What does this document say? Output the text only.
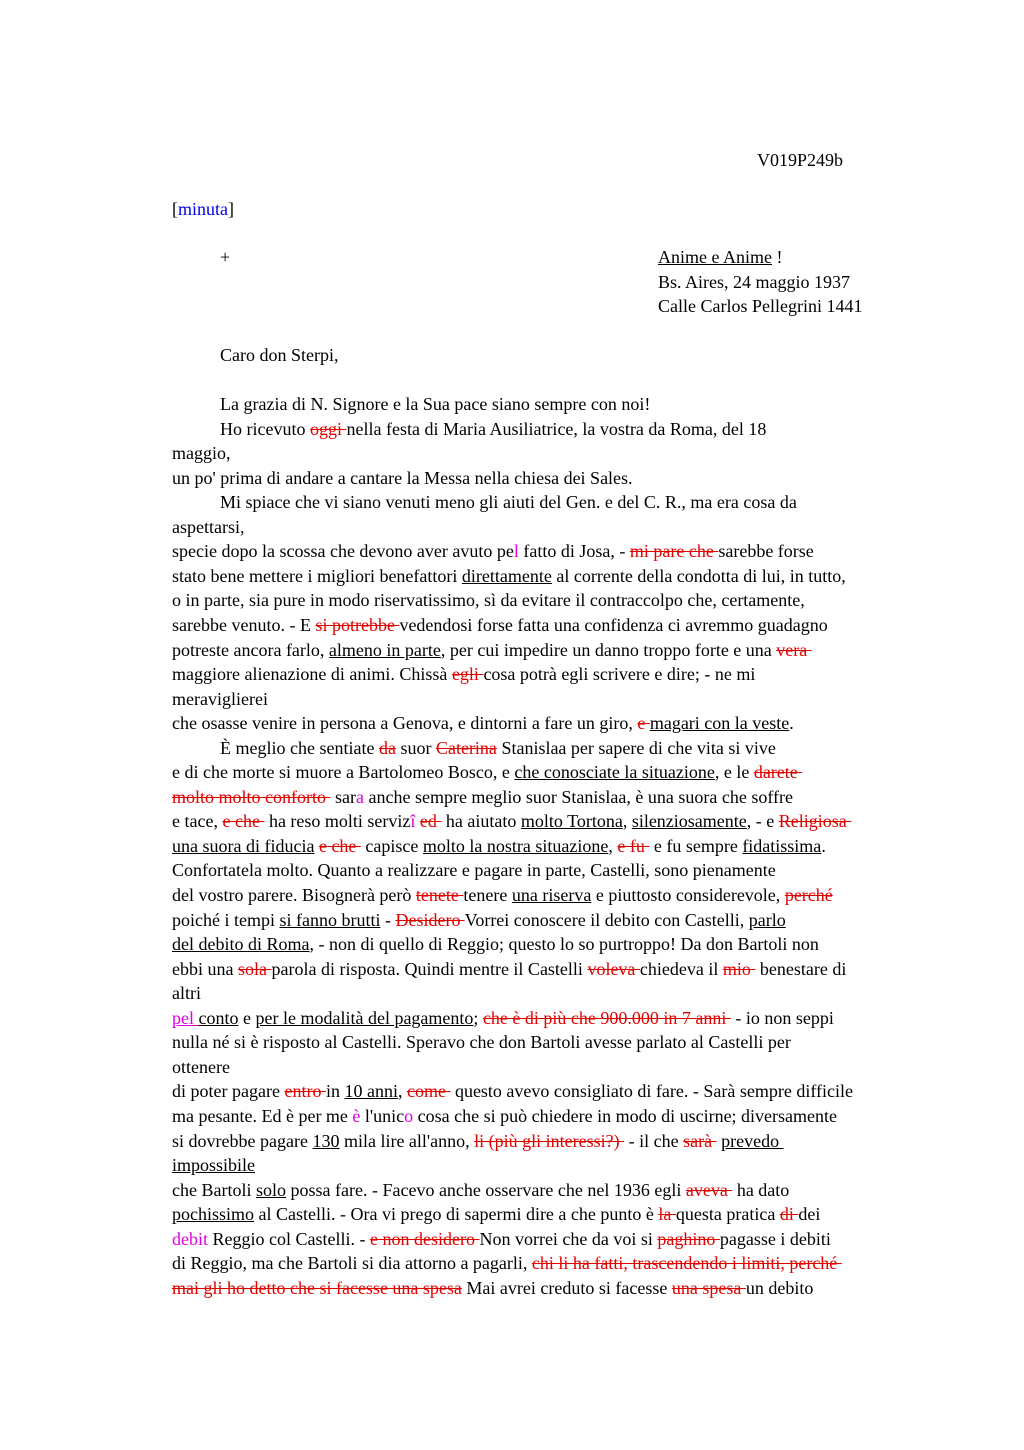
V019P249b
[minuta]
+
Caro don Sterpi,
Anime e Anime !
Bs. Aires, 24 maggio 1937
Calle Carlos Pellegrini 1441
La grazia di N. Signore e la Sua pace siano sempre con noi!
Ho ricevuto oggi nella festa di Maria Ausiliatrice, la vostra da Roma, del 18
maggio,
un po' prima di andare a cantare la Messa nella chiesa dei Sales.
Mi spiace che vi siano venuti meno gli aiuti del Gen. e del C. R., ma era cosa da
aspettarsi,
specie dopo la scossa che devono aver avuto pel fatto di Josa, - mi pare che sarebbe forse
stato bene mettere i migliori benefattori direttamente al corrente della condotta di lui, in tutto,
o in parte, sia pure in modo riservatissimo, sì da evitare il contraccolpo che, certamente,
sarebbe venuto. - E si potrebbe vedendosi forse fatta una confidenza ci avremmo guadagno
potreste ancora farlo, almeno in parte, per cui impedire un danno troppo forte e una vera
maggiore alienazione di animi. Chissà egli cosa potrà egli scrivere e dire; - ne mi
meraviglierei
che osasse venire in persona a Genova, e dintorni a fare un giro, e magari con la veste.
È meglio che sentiate da suor Caterina Stanislaa per sapere di che vita si vive
e di che morte si muore a Bartolomeo Bosco, e che conosciate la situazione, e le darete
molto molto conforto  sara anche sempre meglio suor Stanislaa, è una suora che soffre
e tace, e che  ha reso molti servizî ed  ha aiutato molto Tortona, silenziosamente, - e Religiosa
una suora di fiducia e che  capisce molto la nostra situazione, e fu  e fu sempre fidatissima.
Confortatela molto. Quanto a realizzare e pagare in parte, Castelli, sono pienamente
del vostro parere. Bisognerà però tenete tenere una riserva e piuttosto considerevole, perché
poiché i tempi si fanno brutti - Desidero Vorrei conoscere il debito con Castelli, parlo
del debito di Roma, - non di quello di Reggio; questo lo so purtroppo! Da don Bartoli non
ebbi una sola parola di risposta. Quindi mentre il Castelli voleva chiedeva il mio  benestare di
altri
pel conto e per le modalità del pagamento; che è di più che 900.000 in 7 anni  - io non seppi
nulla né si è risposto al Castelli. Speravo che don Bartoli avesse parlato al Castelli per
ottenere
di poter pagare entro in 10 anni, come  questo avevo consigliato di fare. - Sarà sempre difficile
ma pesante. Ed è per me è l'unico cosa che si può chiedere in modo di uscirne; diversamente
si dovrebbe pagare 130 mila lire all'anno, li (più gli interessi?)  - il che sarà  prevedo
impossibile
che Bartoli solo possa fare. - Facevo anche osservare che nel 1936 egli aveva  ha dato
pochissimo al Castelli. - Ora vi prego di sapermi dire a che punto è la questa pratica di dei
debit Reggio col Castelli. - e non desidero Non vorrei che da voi si paghino pagasse i debiti
di Reggio, ma che Bartoli si dia attorno a pagarli, chi li ha fatti, trascendendo i limiti, perché
mai gli ho detto che si facesse una spesa Mai avrei creduto si facesse una spesa un debito
